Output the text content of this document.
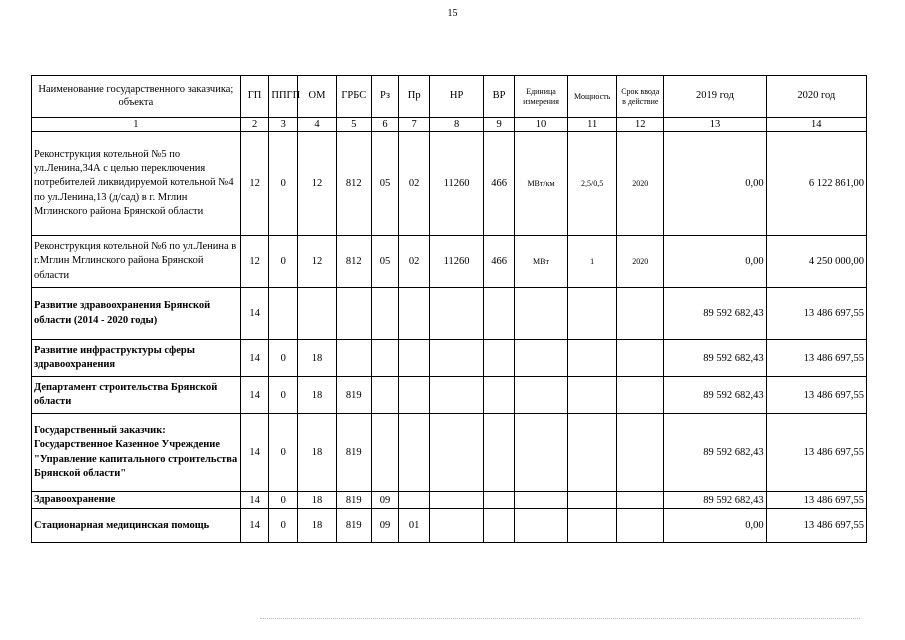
15
Наименование государственного заказчика; объекта	ГП	ППГП	ОМ	ГРБС	Рз	Пр	НР	ВР	Единица измерения	Мощность	Срок ввода в действие	2019 год	2020 год
1	2	3	4	5	6	7	8	9	10	11	12	13	14
Реконструкция котельной №5 по ул.Ленина,34А с целью переключения потребителей ликвидируемой котельной №4 по ул.Ленина,13 (д/сад) в г. Мглин Мглинского района Брянской области	12	0	12	812	05	02	11260	466	МВт/км	2,5/0,5	2020	0,00	6 122 861,00
Реконструкция котельной №6 по ул.Ленина в г.Мглин Мглинского района Брянской области	12	0	12	812	05	02	11260	466	МВт	1	2020	0,00	4 250 000,00
Развитие здравоохранения Брянской области (2014 - 2020 годы)	14											89 592 682,43	13 486 697,55
Развитие инфраструктуры сферы здравоохранения	14	0	18									89 592 682,43	13 486 697,55
Департамент строительства Брянской области	14	0	18	819								89 592 682,43	13 486 697,55
Государственный заказчик: Государственное Казенное Учреждение "Управление капитального строительства Брянской области"	14	0	18	819								89 592 682,43	13 486 697,55
Здравоохранение	14	0	18	819	09							89 592 682,43	13 486 697,55
Стационарная медицинская помощь	14	0	18	819	09	01						0,00	13 486 697,55
